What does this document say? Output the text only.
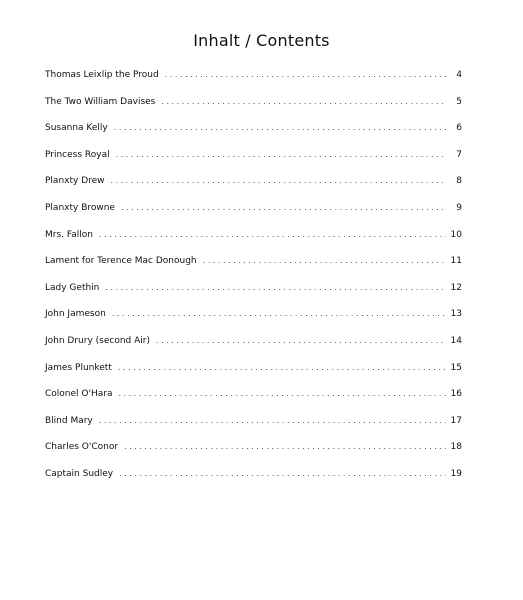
Inhalt / Contents
Thomas Leixlip the Proud . . .	4
The Two William Davises . . .	5
Susanna Kelly . . .	6
Princess Royal . . .	7
Planxty Drew . . .	8
Planxty Browne . . .	9
Mrs. Fallon . . .	10
Lament for Terence Mac Donough . . .	11
Lady Gethin . . .	12
John Jameson . . .	13
John Drury (second Air) . . .	14
James Plunkett . . .	15
Colonel O'Hara . . .	16
Blind Mary . . .	17
Charles O'Conor . . .	18
Captain Sudley . . .	19
